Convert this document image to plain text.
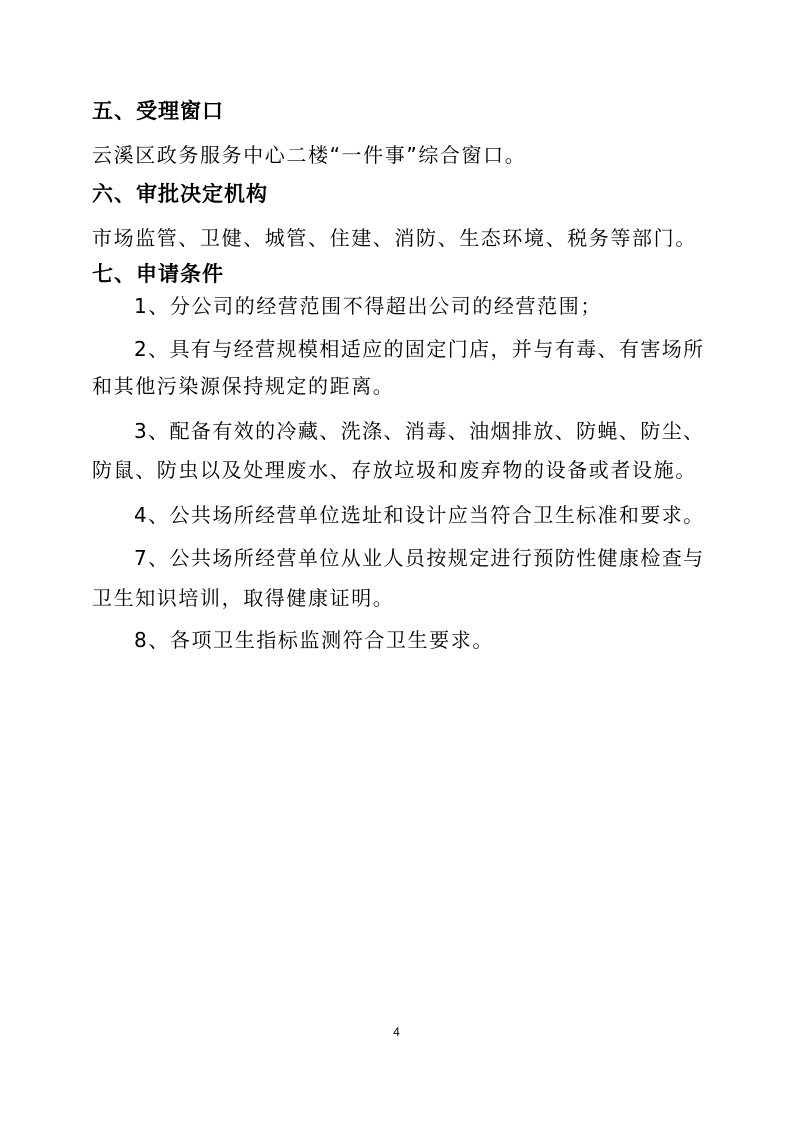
五、受理窗口

云溪区政务服务中心二楼“一件事”综合窗口。

六、审批决定机构

市场监管、卫健、城管、住建、消防、生态环境、税务等部门。

七、申请条件

1、分公司的经营范围不得超出公司的经营范围；

2、具有与经营规模相适应的固定门店，并与有毒、有害场所

和其他污染源保持规定的距离。

3、配备有效的冷藏、洗涤、消毒、油烟排放、防蝇、防尘、

防鼠、防虫以及处理废水、存放垃圾和废弃物的设备或者设施。

4、公共场所经营单位选址和设计应当符合卫生标准和要求。

7、公共场所经营单位从业人员按规定进行预防性健康检查与

卫生知识培训，取得健康证明。

8、各项卫生指标监测符合卫生要求。

4
